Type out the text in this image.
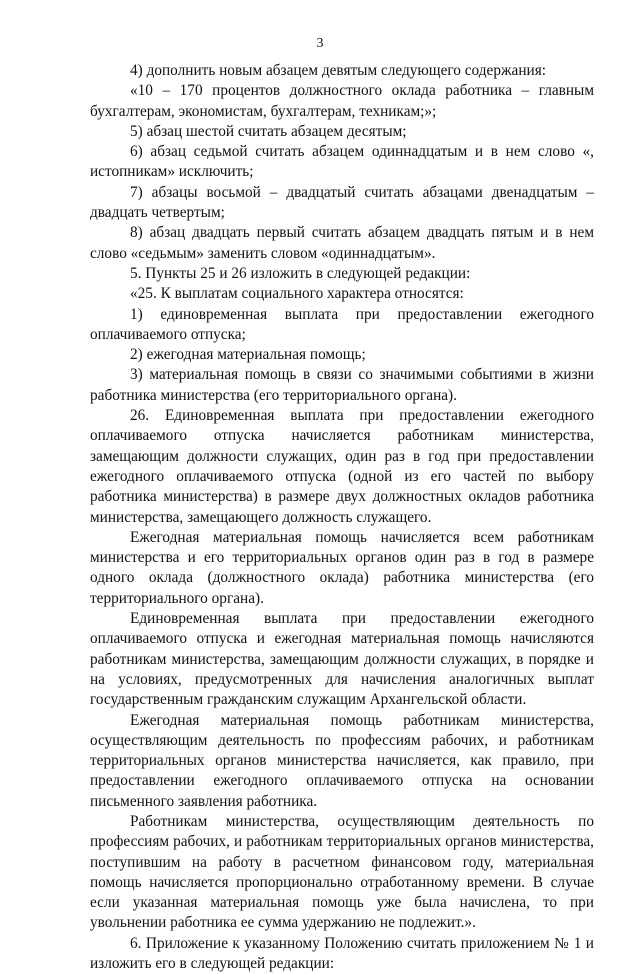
3

4) дополнить новым абзацем девятым следующего содержания:

«10 – 170 процентов должностного оклада работника – главным бухгалтерам, экономистам, бухгалтерам, техникам;»;

5) абзац шестой считать абзацем десятым;

6) абзац седьмой считать абзацем одиннадцатым и в нем слово «, истопникам» исключить;

7) абзацы восьмой – двадцатый считать абзацами двенадцатым – двадцать четвертым;

8) абзац двадцать первый считать абзацем двадцать пятым и в нем слово «седьмым» заменить словом «одиннадцатым».

5. Пункты 25 и 26 изложить в следующей редакции:

«25. К выплатам социального характера относятся:

1) единовременная выплата при предоставлении ежегодного оплачиваемого отпуска;

2) ежегодная материальная помощь;

3) материальная помощь в связи со значимыми событиями в жизни работника министерства (его территориального органа).

26. Единовременная выплата при предоставлении ежегодного оплачиваемого отпуска начисляется работникам министерства, замещающим должности служащих, один раз в год при предоставлении ежегодного оплачиваемого отпуска (одной из его частей по выбору работника министерства) в размере двух должностных окладов работника министерства, замещающего должность служащего.

Ежегодная материальная помощь начисляется всем работникам министерства и его территориальных органов один раз в год в размере одного оклада (должностного оклада) работника министерства (его территориального органа).

Единовременная выплата при предоставлении ежегодного оплачиваемого отпуска и ежегодная материальная помощь начисляются работникам министерства, замещающим должности служащих, в порядке и на условиях, предусмотренных для начисления аналогичных выплат государственным гражданским служащим Архангельской области.

Ежегодная материальная помощь работникам министерства, осуществляющим деятельность по профессиям рабочих, и работникам территориальных органов министерства начисляется, как правило, при предоставлении ежегодного оплачиваемого отпуска на основании письменного заявления работника.

Работникам министерства, осуществляющим деятельность по профессиям рабочих, и работникам территориальных органов министерства, поступившим на работу в расчетном финансовом году, материальная помощь начисляется пропорционально отработанному времени. В случае если указанная материальная помощь уже была начислена, то при увольнении работника ее сумма удержанию не подлежит.».

6. Приложение к указанному Положению считать приложением № 1 и изложить его в следующей редакции:
